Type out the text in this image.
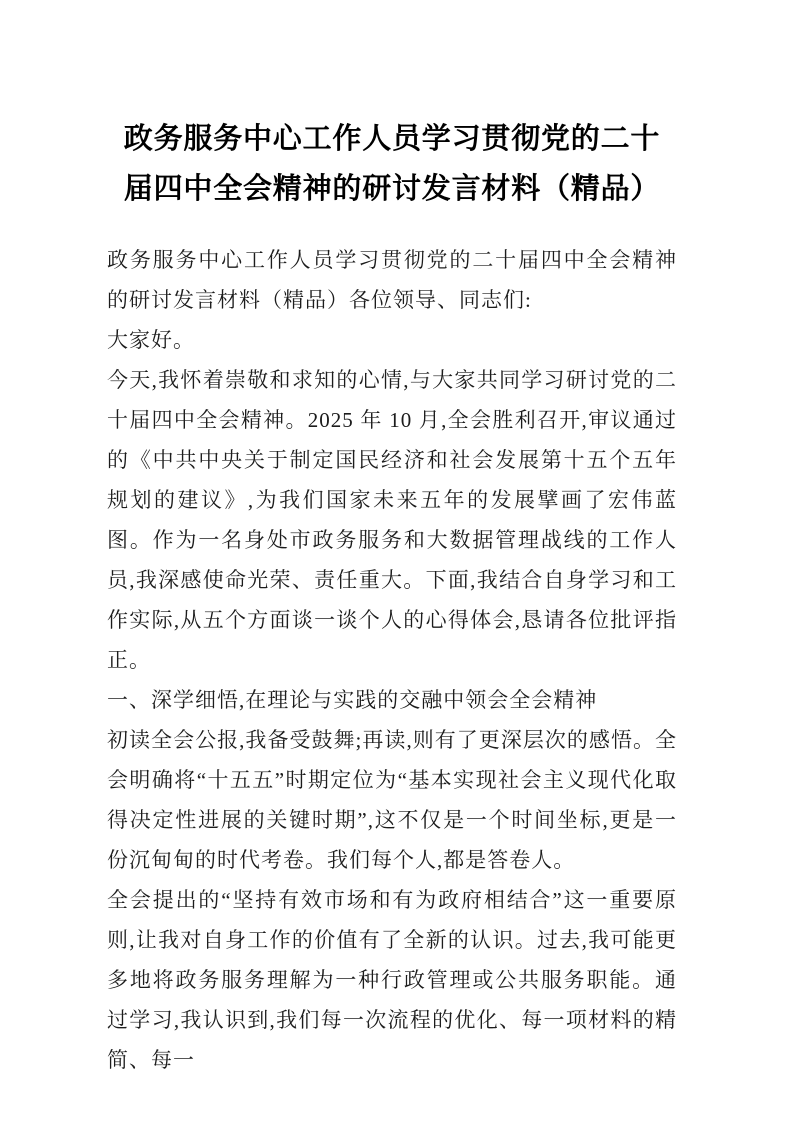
政务服务中心工作人员学习贯彻党的二十届四中全会精神的研讨发言材料（精品）

政务服务中心工作人员学习贯彻党的二十届四中全会精神的研讨发言材料（精品）各位领导、同志们:

大家好。

今天,我怀着崇敬和求知的心情,与大家共同学习研讨党的二十届四中全会精神。2025 年 10 月,全会胜利召开,审议通过的《中共中央关于制定国民经济和社会发展第十五个五年规划的建议》,为我们国家未来五年的发展擘画了宏伟蓝图。作为一名身处市政务服务和大数据管理战线的工作人员,我深感使命光荣、责任重大。下面,我结合自身学习和工作实际,从五个方面谈一谈个人的心得体会,恳请各位批评指正。

一、深学细悟,在理论与实践的交融中领会全会精神

初读全会公报,我备受鼓舞;再读,则有了更深层次的感悟。全会明确将“十五五”时期定位为“基本实现社会主义现代化取得决定性进展的关键时期”,这不仅是一个时间坐标,更是一份沉甸甸的时代考卷。我们每个人,都是答卷人。

全会提出的“坚持有效市场和有为政府相结合”这一重要原则,让我对自身工作的价值有了全新的认识。过去,我可能更多地将政务服务理解为一种行政管理或公共服务职能。通过学习,我认识到,我们每一次流程的优化、每一项材料的精简、每一
